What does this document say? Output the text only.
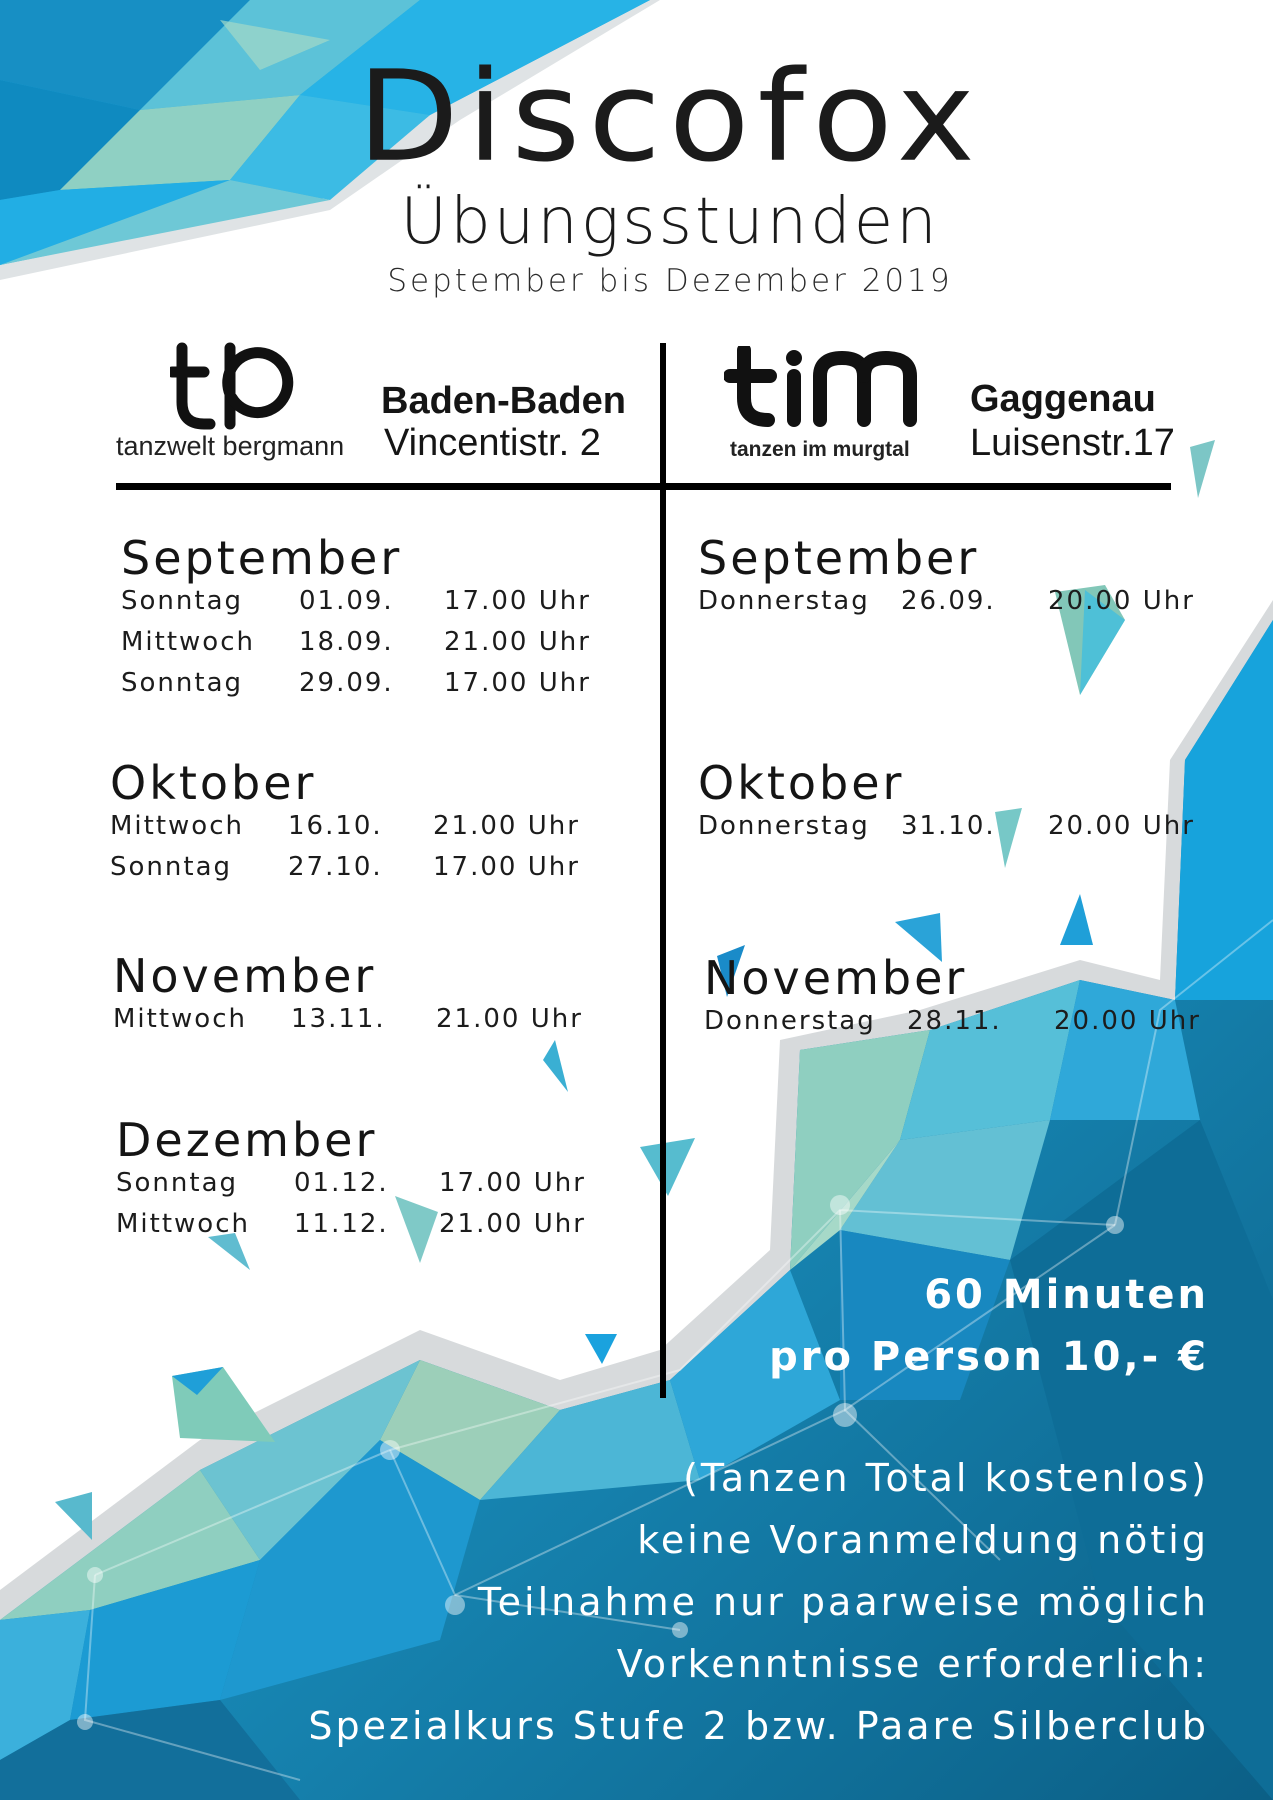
Discofox
Übungsstunden
September bis Dezember 2019
tanzwelt bergmann	tanzen im murgtal
Baden-Baden
Vincentistr. 2
Gaggenau
Luisenstr.17
September
Sonntag 01.09. 17.00 Uhr
Mittwoch 18.09. 21.00 Uhr
Sonntag 29.09. 17.00 Uhr
Oktober
Mittwoch 16.10. 21.00 Uhr
Sonntag 27.10. 17.00 Uhr
November
Mittwoch 13.11. 21.00 Uhr
Dezember
Sonntag 01.12. 17.00 Uhr
Mittwoch 11.12. 21.00 Uhr
September
Donnerstag 26.09. 20.00 Uhr
Oktober
Donnerstag 31.10. 20.00 Uhr
November
Donnerstag 28.11. 20.00 Uhr
60 Minuten
pro Person 10,- €
(Tanzen Total kostenlos)
keine Voranmeldung nötig
Teilnahme nur paarweise möglich
Vorkenntnisse erforderlich:
Spezialkurs Stufe 2 bzw. Paare Silberclub
